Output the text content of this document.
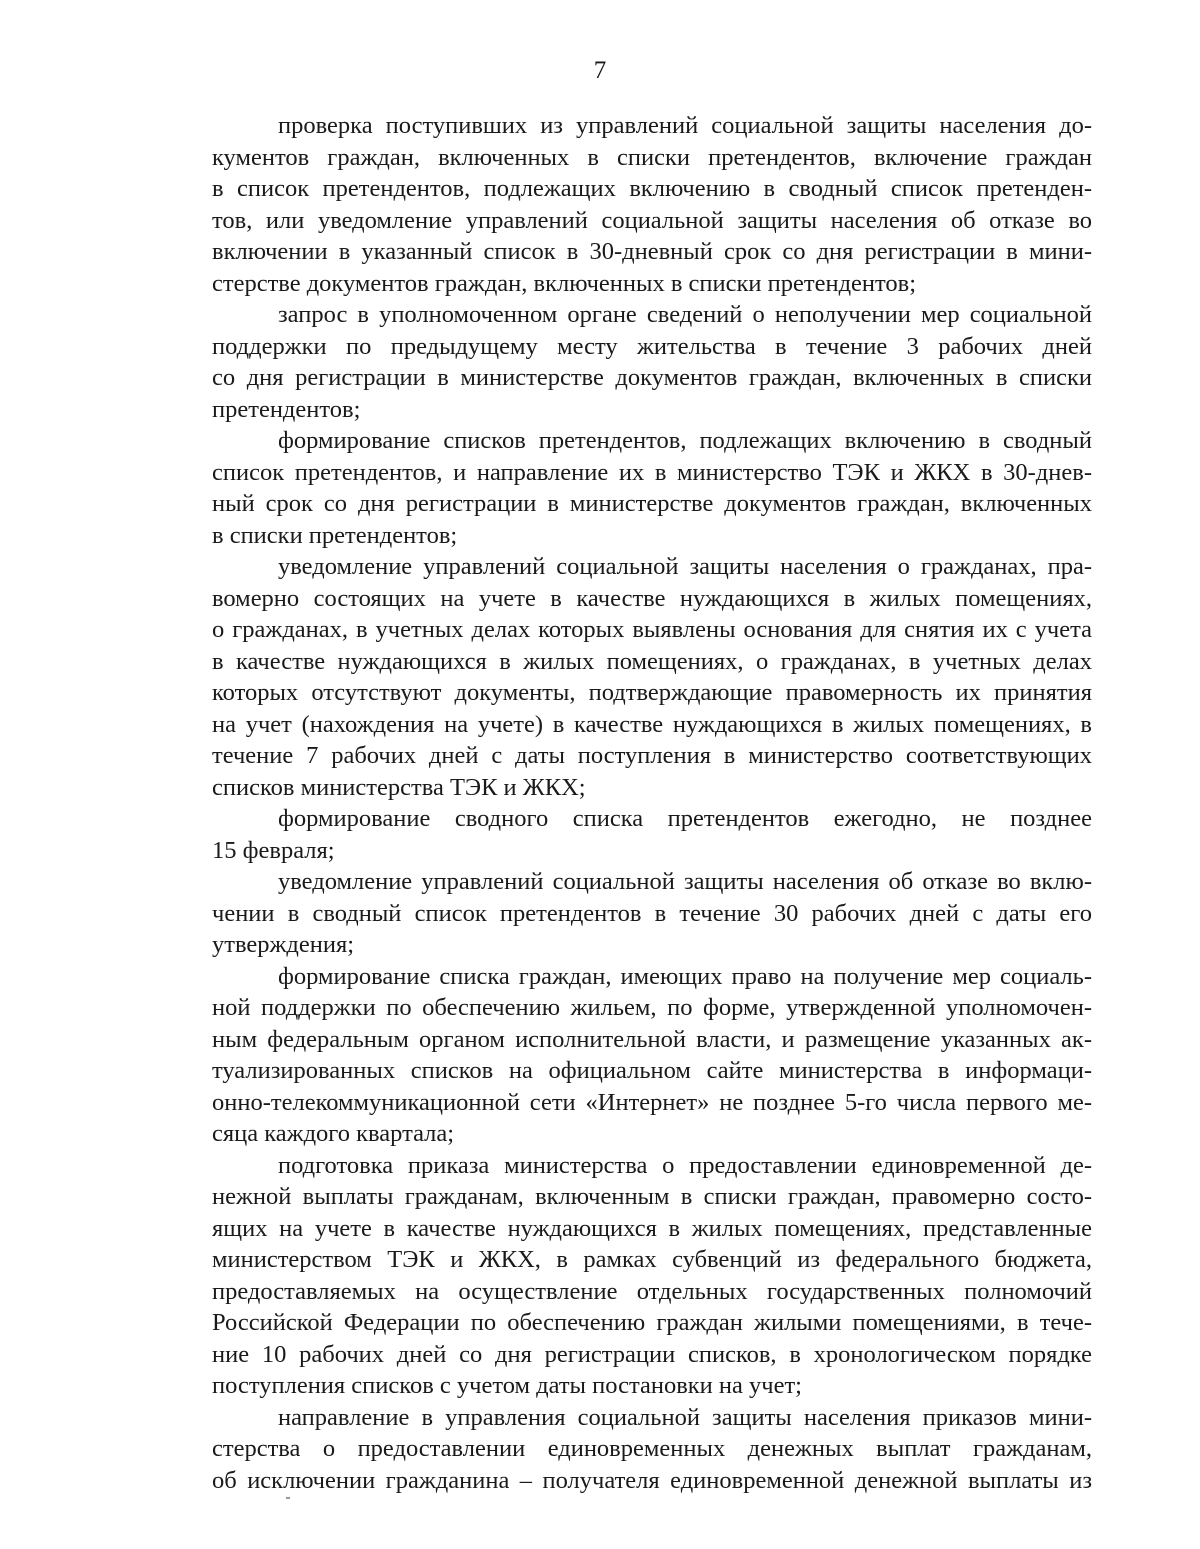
7

проверка поступивших из управлений социальной защиты населения до-
кументов граждан, включенных в списки претендентов, включение граждан
в список претендентов, подлежащих включению в сводный список претенден-
тов, или уведомление управлений социальной защиты населения об отказе во
включении в указанный список в 30-дневный срок со дня регистрации в мини-
стерстве документов граждан, включенных в списки претендентов;

запрос в уполномоченном органе сведений о неполучении мер социальной
поддержки по предыдущему месту жительства в течение 3 рабочих дней
со дня регистрации в министерстве документов граждан, включенных в списки
претендентов;

формирование списков претендентов, подлежащих включению в сводный
список претендентов, и направление их в министерство ТЭК и ЖКХ в 30-днев-
ный срок со дня регистрации в министерстве документов граждан, включенных
в списки претендентов;

уведомление управлений социальной защиты населения о гражданах, пра-
вомерно состоящих на учете в качестве нуждающихся в жилых помещениях,
о гражданах, в учетных делах которых выявлены основания для снятия их с учета
в качестве нуждающихся в жилых помещениях, о гражданах, в учетных делах
которых отсутствуют документы, подтверждающие правомерность их принятия
на учет (нахождения на учете) в качестве нуждающихся в жилых помещениях, в
течение 7 рабочих дней с даты поступления в министерство соответствующих
списков министерства ТЭК и ЖКХ;

формирование сводного списка претендентов ежегодно, не позднее
15 февраля;

уведомление управлений социальной защиты населения об отказе во вклю-
чении в сводный список претендентов в течение 30 рабочих дней с даты его
утверждения;

формирование списка граждан, имеющих право на получение мер социаль-
ной поддержки по обеспечению жильем, по форме, утвержденной уполномочен-
ным федеральным органом исполнительной власти, и размещение указанных ак-
туализированных списков на официальном сайте министерства в информаци-
онно-телекоммуникационной сети «Интернет» не позднее 5-го числа первого ме-
сяца каждого квартала;

подготовка приказа министерства о предоставлении единовременной де-
нежной выплаты гражданам, включенным в списки граждан, правомерно состо-
ящих на учете в качестве нуждающихся в жилых помещениях, представленные
министерством ТЭК и ЖКХ, в рамках субвенций из федерального бюджета,
предоставляемых на осуществление отдельных государственных полномочий
Российской Федерации по обеспечению граждан жилыми помещениями, в тече-
ние 10 рабочих дней со дня регистрации списков, в хронологическом порядке
поступления списков с учетом даты постановки на учет;

направление в управления социальной защиты населения приказов мини-
стерства о предоставлении единовременных денежных выплат гражданам,
об исключении гражданина – получателя единовременной денежной выплаты из
